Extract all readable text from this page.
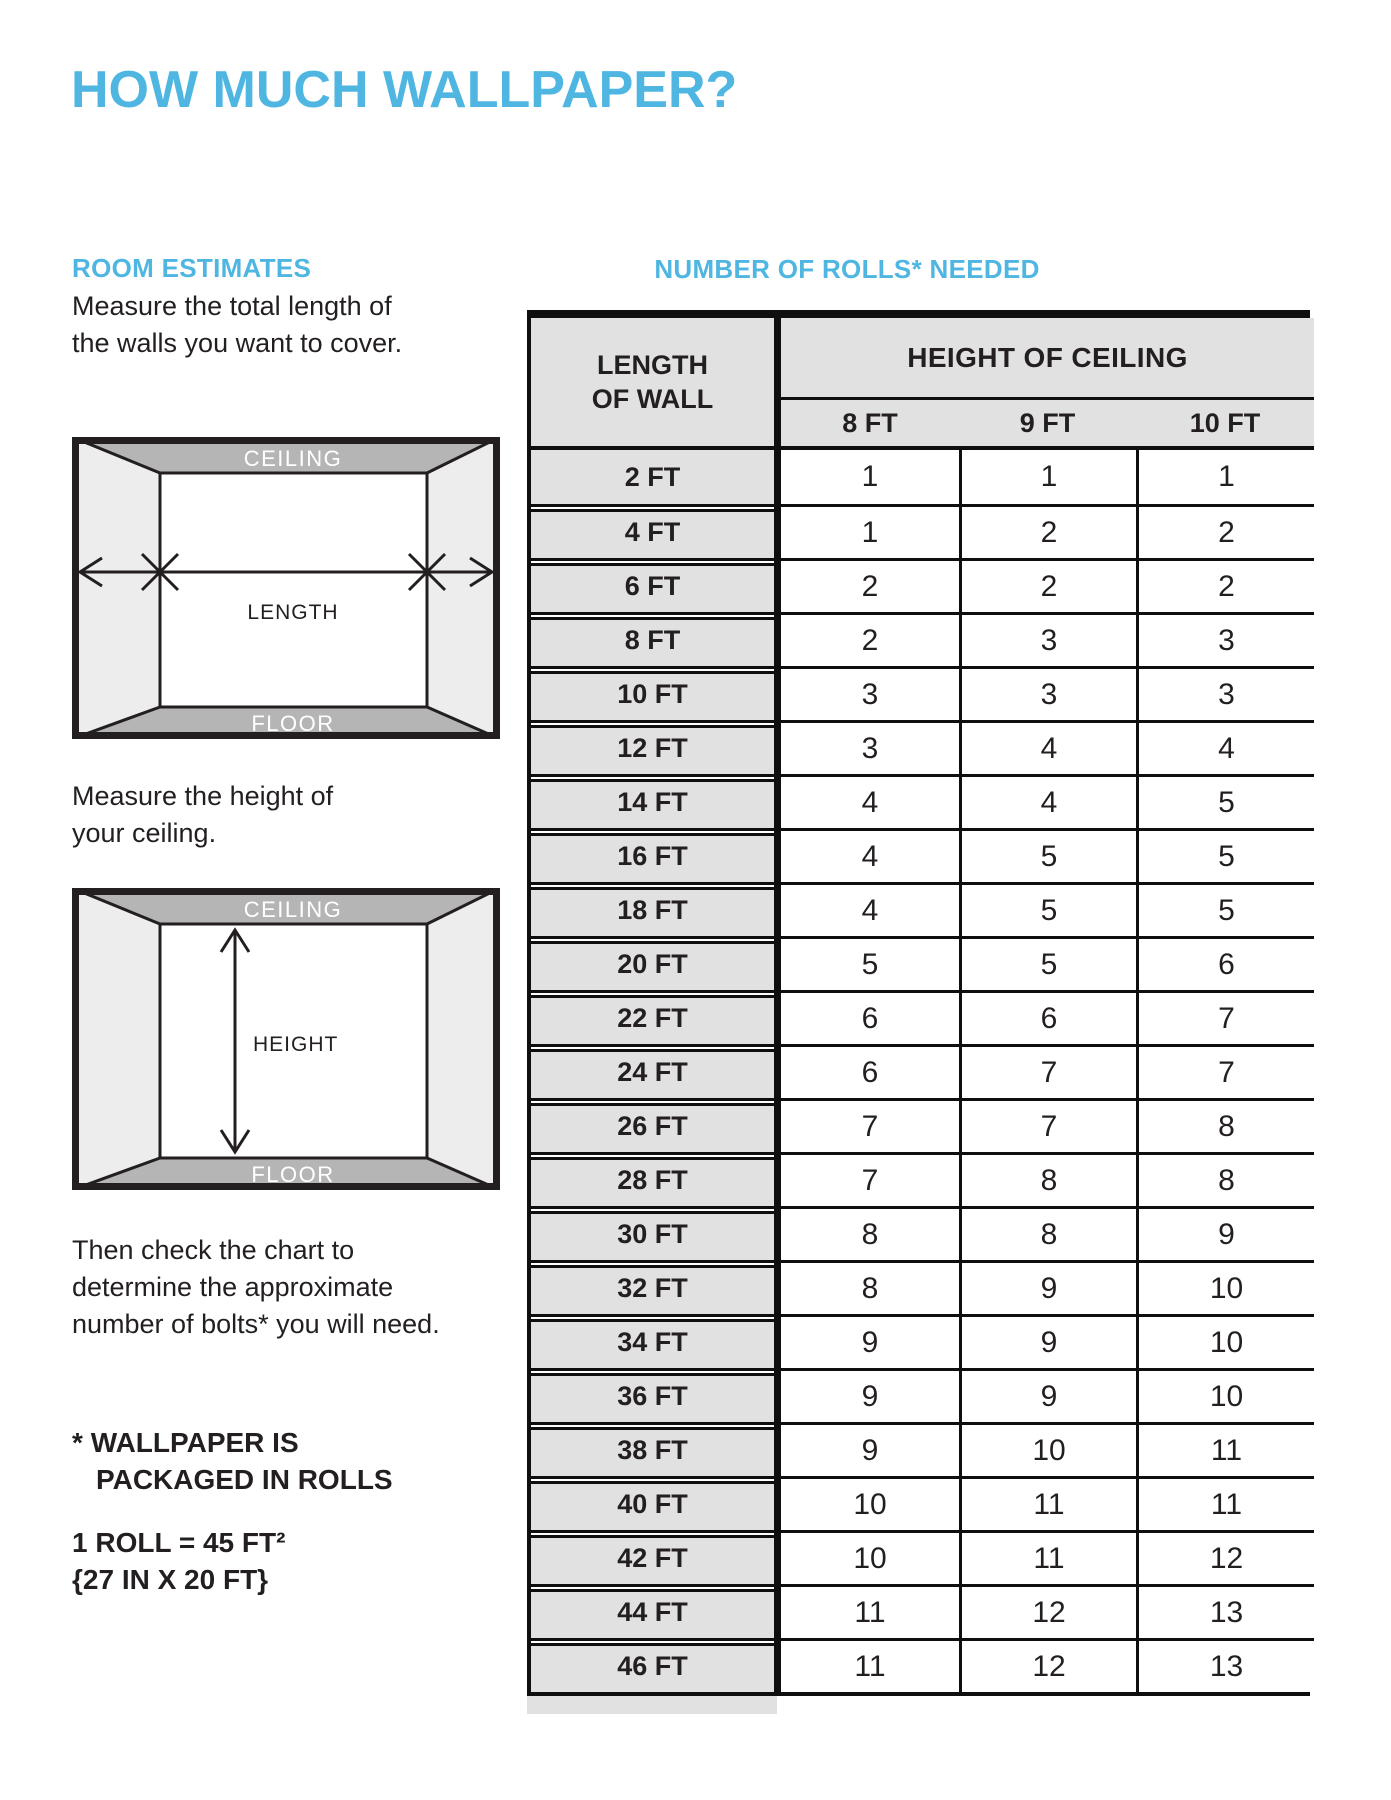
HOW MUCH WALLPAPER?
ROOM ESTIMATES
Measure the total length of
the walls you want to cover.
CEILING
FLOOR
LENGTH
Measure the height of
your ceiling.
CEILING
FLOOR
HEIGHT
Then check the chart to
determine the approximate
number of bolts* you will need.
* WALLPAPER IS
PACKAGED IN ROLLS
1 ROLL = 45 FT²
{27 IN X 20 FT}
NUMBER OF ROLLS* NEEDED
LENGTH
OF WALL
HEIGHT OF CEILING
8 FT	9 FT	10 FT
2 FT	1	1	1
4 FT	1	2	2
6 FT	2	2	2
8 FT	2	3	3
10 FT	3	3	3
12 FT	3	4	4
14 FT	4	4	5
16 FT	4	5	5
18 FT	4	5	5
20 FT	5	5	6
22 FT	6	6	7
24 FT	6	7	7
26 FT	7	7	8
28 FT	7	8	8
30 FT	8	8	9
32 FT	8	9	10
34 FT	9	9	10
36 FT	9	9	10
38 FT	9	10	11
40 FT	10	11	11
42 FT	10	11	12
44 FT	11	12	13
46 FT	11	12	13
